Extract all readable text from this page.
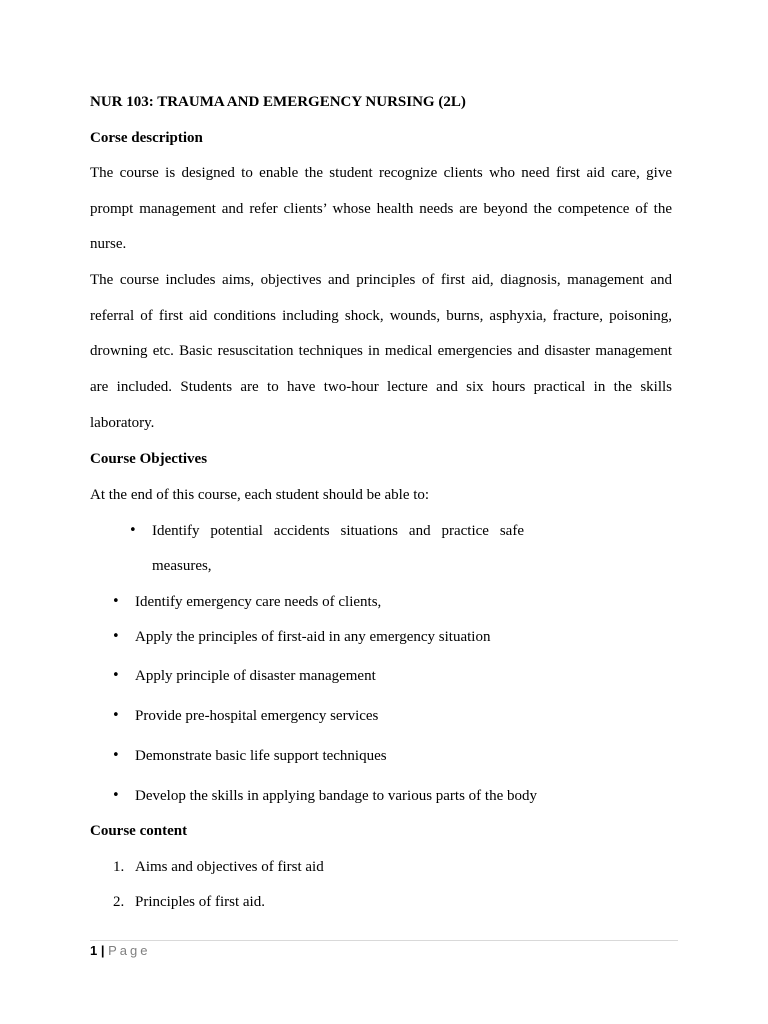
NUR 103: TRAUMA AND EMERGENCY NURSING (2L)
Corse description

The course is designed to enable the student recognize clients who need first aid care, give prompt management and refer clients’ whose health needs are beyond the competence of the nurse.

The course includes aims, objectives and principles of first aid, diagnosis, management and referral of first aid conditions including shock, wounds, burns, asphyxia, fracture, poisoning, drowning etc. Basic resuscitation techniques in medical emergencies and disaster management are included. Students are to have two-hour lecture and six hours practical in the skills laboratory.

Course Objectives
At the end of this course, each student should be able to:
• Identify potential accidents situations and practice safe
measures,
• Identify emergency care needs of clients,
• Apply the principles of first-aid in any emergency situation
• Apply principle of disaster management
• Provide pre-hospital emergency services
• Demonstrate basic life support techniques
• Develop the skills in applying bandage to various parts of the body
Course content
1. Aims and objectives of first aid
2. Principles of first aid.
1 | Page
